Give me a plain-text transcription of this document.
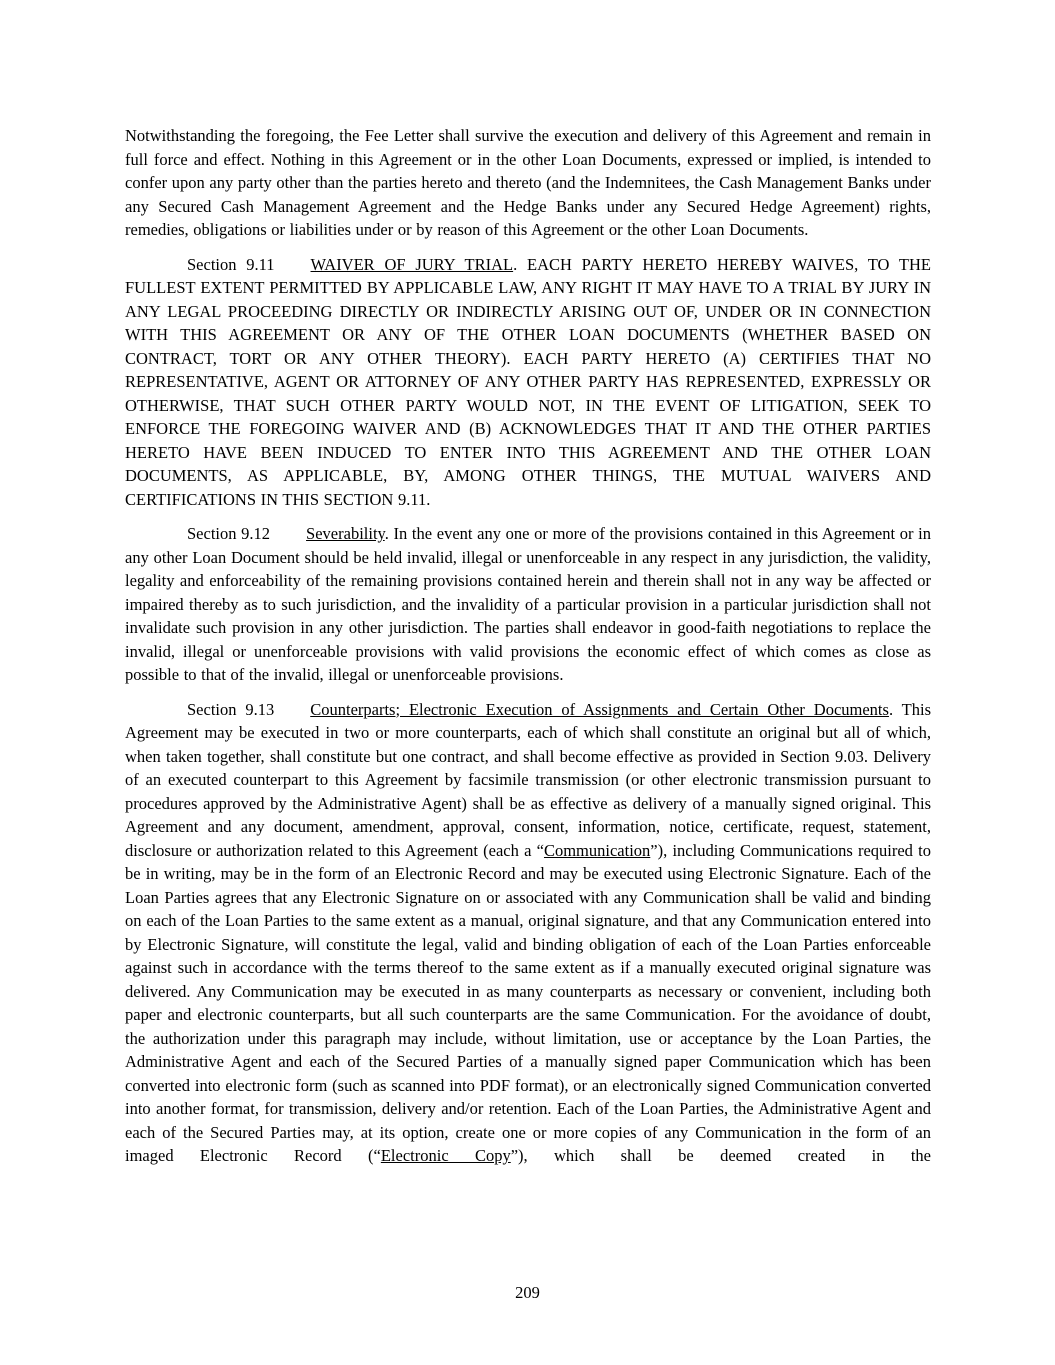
Notwithstanding the foregoing, the Fee Letter shall survive the execution and delivery of this Agreement and remain in full force and effect. Nothing in this Agreement or in the other Loan Documents, expressed or implied, is intended to confer upon any party other than the parties hereto and thereto (and the Indemnitees, the Cash Management Banks under any Secured Cash Management Agreement and the Hedge Banks under any Secured Hedge Agreement) rights, remedies, obligations or liabilities under or by reason of this Agreement or the other Loan Documents.

Section 9.11 WAIVER OF JURY TRIAL. EACH PARTY HERETO HEREBY WAIVES, TO THE FULLEST EXTENT PERMITTED BY APPLICABLE LAW, ANY RIGHT IT MAY HAVE TO A TRIAL BY JURY IN ANY LEGAL PROCEEDING DIRECTLY OR INDIRECTLY ARISING OUT OF, UNDER OR IN CONNECTION WITH THIS AGREEMENT OR ANY OF THE OTHER LOAN DOCUMENTS (WHETHER BASED ON CONTRACT, TORT OR ANY OTHER THEORY). EACH PARTY HERETO (A) CERTIFIES THAT NO REPRESENTATIVE, AGENT OR ATTORNEY OF ANY OTHER PARTY HAS REPRESENTED, EXPRESSLY OR OTHERWISE, THAT SUCH OTHER PARTY WOULD NOT, IN THE EVENT OF LITIGATION, SEEK TO ENFORCE THE FOREGOING WAIVER AND (B) ACKNOWLEDGES THAT IT AND THE OTHER PARTIES HERETO HAVE BEEN INDUCED TO ENTER INTO THIS AGREEMENT AND THE OTHER LOAN DOCUMENTS, AS APPLICABLE, BY, AMONG OTHER THINGS, THE MUTUAL WAIVERS AND CERTIFICATIONS IN THIS SECTION 9.11.

Section 9.12 Severability. In the event any one or more of the provisions contained in this Agreement or in any other Loan Document should be held invalid, illegal or unenforceable in any respect in any jurisdiction, the validity, legality and enforceability of the remaining provisions contained herein and therein shall not in any way be affected or impaired thereby as to such jurisdiction, and the invalidity of a particular provision in a particular jurisdiction shall not invalidate such provision in any other jurisdiction. The parties shall endeavor in good-faith negotiations to replace the invalid, illegal or unenforceable provisions with valid provisions the economic effect of which comes as close as possible to that of the invalid, illegal or unenforceable provisions.

Section 9.13 Counterparts; Electronic Execution of Assignments and Certain Other Documents. This Agreement may be executed in two or more counterparts, each of which shall constitute an original but all of which, when taken together, shall constitute but one contract, and shall become effective as provided in Section 9.03. Delivery of an executed counterpart to this Agreement by facsimile transmission (or other electronic transmission pursuant to procedures approved by the Administrative Agent) shall be as effective as delivery of a manually signed original. This Agreement and any document, amendment, approval, consent, information, notice, certificate, request, statement, disclosure or authorization related to this Agreement (each a “Communication”), including Communications required to be in writing, may be in the form of an Electronic Record and may be executed using Electronic Signature. Each of the Loan Parties agrees that any Electronic Signature on or associated with any Communication shall be valid and binding on each of the Loan Parties to the same extent as a manual, original signature, and that any Communication entered into by Electronic Signature, will constitute the legal, valid and binding obligation of each of the Loan Parties enforceable against such in accordance with the terms thereof to the same extent as if a manually executed original signature was delivered. Any Communication may be executed in as many counterparts as necessary or convenient, including both paper and electronic counterparts, but all such counterparts are the same Communication. For the avoidance of doubt, the authorization under this paragraph may include, without limitation, use or acceptance by the Loan Parties, the Administrative Agent and each of the Secured Parties of a manually signed paper Communication which has been converted into electronic form (such as scanned into PDF format), or an electronically signed Communication converted into another format, for transmission, delivery and/or retention. Each of the Loan Parties, the Administrative Agent and each of the Secured Parties may, at its option, create one or more copies of any Communication in the form of an imaged Electronic Record (“Electronic Copy”), which shall be deemed created in the

209
